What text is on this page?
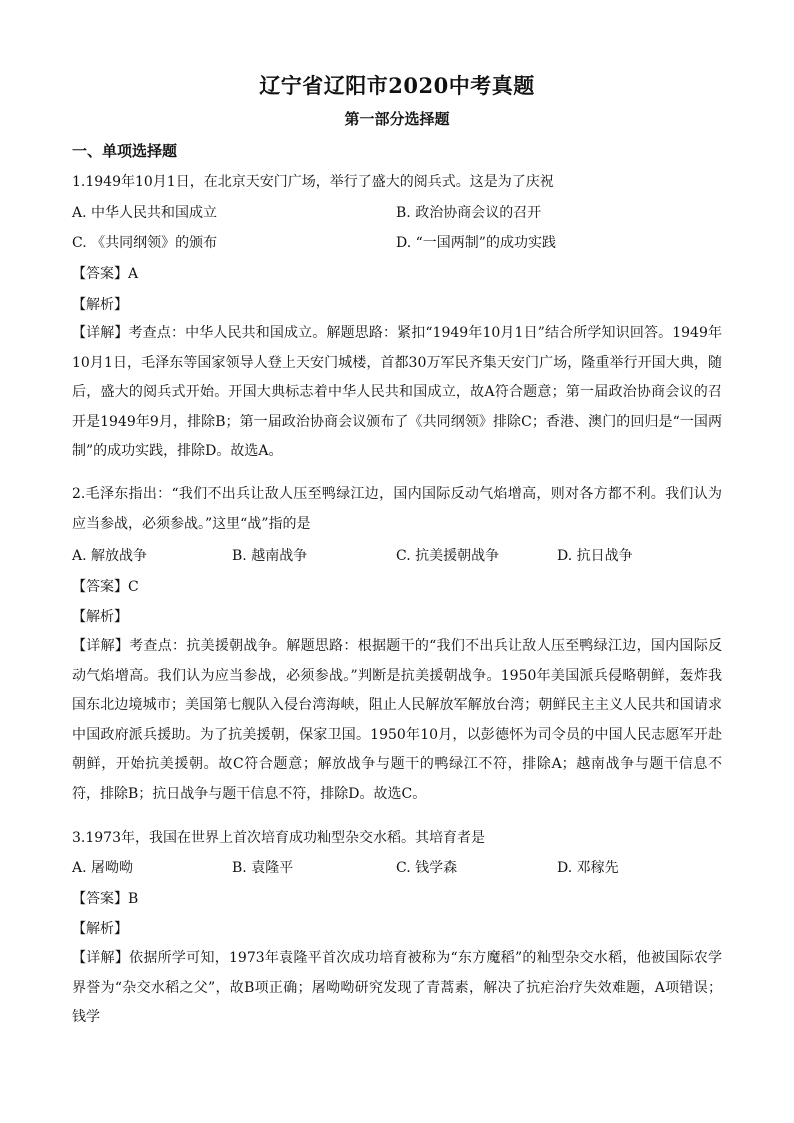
辽宁省辽阳市2020中考真题
第一部分选择题
一、单项选择题
1.1949年10月1日，在北京天安门广场，举行了盛大的阅兵式。这是为了庆祝
A. 中华人民共和国成立	B. 政治协商会议的召开
C. 《共同纲领》的颁布	D. “一国两制”的成功实践
【答案】A
【解析】
【详解】考查点：中华人民共和国成立。解题思路：紧扣“1949年10月1日”结合所学知识回答。1949年10月1日，毛泽东等国家领导人登上天安门城楼，首都30万军民齐集天安门广场，隆重举行开国大典，随后，盛大的阅兵式开始。开国大典标志着中华人民共和国成立，故A符合题意；第一届政治协商会议的召开是1949年9月，排除B；第一届政治协商会议颁布了《共同纲领》排除C；香港、澳门的回归是“一国两制”的成功实践，排除D。故选A。
2.毛泽东指出：“我们不出兵让敌人压至鸭绿江边，国内国际反动气焰增高，则对各方都不利。我们认为应当参战，必须参战。”这里“战”指的是
A. 解放战争	B. 越南战争	C. 抗美援朝战争	D. 抗日战争
【答案】C
【解析】
【详解】考查点：抗美援朝战争。解题思路：根据题干的“我们不出兵让敌人压至鸭绿江边，国内国际反动气焰增高。我们认为应当参战，必须参战。”判断是抗美援朝战争。1950年美国派兵侵略朝鲜，轰炸我国东北边境城市；美国第七舰队入侵台湾海峡，阻止人民解放军解放台湾；朝鲜民主主义人民共和国请求中国政府派兵援助。为了抗美援朝，保家卫国。1950年10月，以彭德怀为司令员的中国人民志愿军开赴朝鲜，开始抗美援朝。故C符合题意；解放战争与题干的鸭绿江不符，排除A；越南战争与题干信息不符，排除B；抗日战争与题干信息不符，排除D。故选C。
3.1973年，我国在世界上首次培育成功籼型杂交水稻。其培育者是
A. 屠呦呦	B. 袁隆平	C. 钱学森	D. 邓稼先
【答案】B
【解析】
【详解】依据所学可知，1973年袁隆平首次成功培育被称为“东方魔稻”的籼型杂交水稻，他被国际农学界誉为“杂交水稻之父”，故B项正确；屠呦呦研究发现了青蒿素，解决了抗疟治疗失效难题，A项错误；钱学
